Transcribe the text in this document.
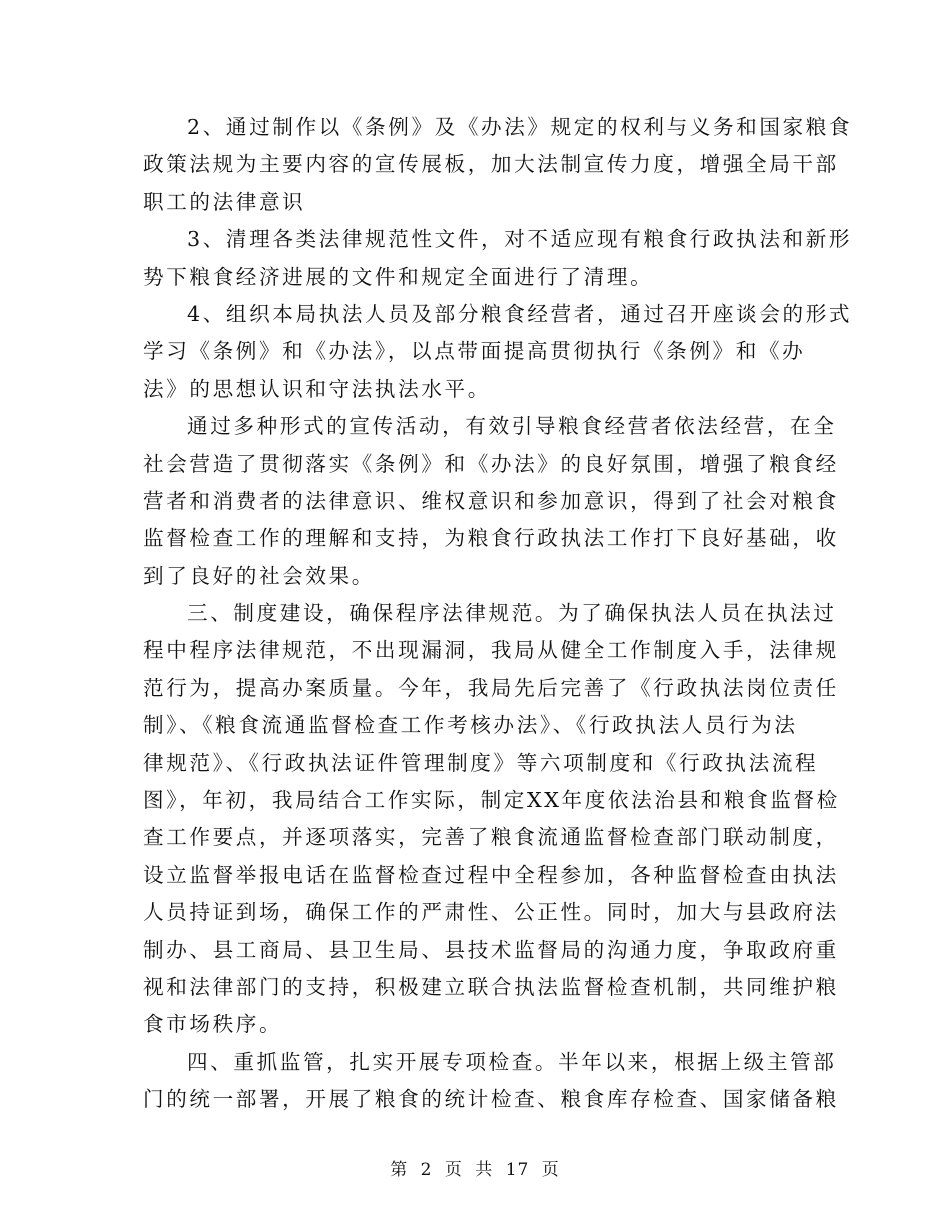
2、通过制作以《条例》及《办法》规定的权利与义务和国家粮食
政策法规为主要内容的宣传展板，加大法制宣传力度，增强全局干部
职工的法律意识
3、清理各类法律规范性文件，对不适应现有粮食行政执法和新形
势下粮食经济进展的文件和规定全面进行了清理。
4、组织本局执法人员及部分粮食经营者，通过召开座谈会的形式
学习《条例》和《办法》，以点带面提高贯彻执行《条例》和《办
法》的思想认识和守法执法水平。
通过多种形式的宣传活动，有效引导粮食经营者依法经营，在全
社会营造了贯彻落实《条例》和《办法》的良好氛围，增强了粮食经
营者和消费者的法律意识、维权意识和参加意识，得到了社会对粮食
监督检查工作的理解和支持，为粮食行政执法工作打下良好基础，收
到了良好的社会效果。
三、制度建设，确保程序法律规范。为了确保执法人员在执法过
程中程序法律规范，不出现漏洞，我局从健全工作制度入手，法律规
范行为，提高办案质量。今年，我局先后完善了《行政执法岗位责任
制》、《粮食流通监督检查工作考核办法》、《行政执法人员行为法
律规范》、《行政执法证件管理制度》等六项制度和《行政执法流程
图》，年初，我局结合工作实际，制定XX年度依法治县和粮食监督检
查工作要点，并逐项落实，完善了粮食流通监督检查部门联动制度，
设立监督举报电话在监督检查过程中全程参加，各种监督检查由执法
人员持证到场，确保工作的严肃性、公正性。同时，加大与县政府法
制办、县工商局、县卫生局、县技术监督局的沟通力度，争取政府重
视和法律部门的支持，积极建立联合执法监督检查机制，共同维护粮
食市场秩序。
四、重抓监管，扎实开展专项检查。半年以来，根据上级主管部
门的统一部署，开展了粮食的统计检查、粮食库存检查、国家储备粮
第 2 页 共 17 页
